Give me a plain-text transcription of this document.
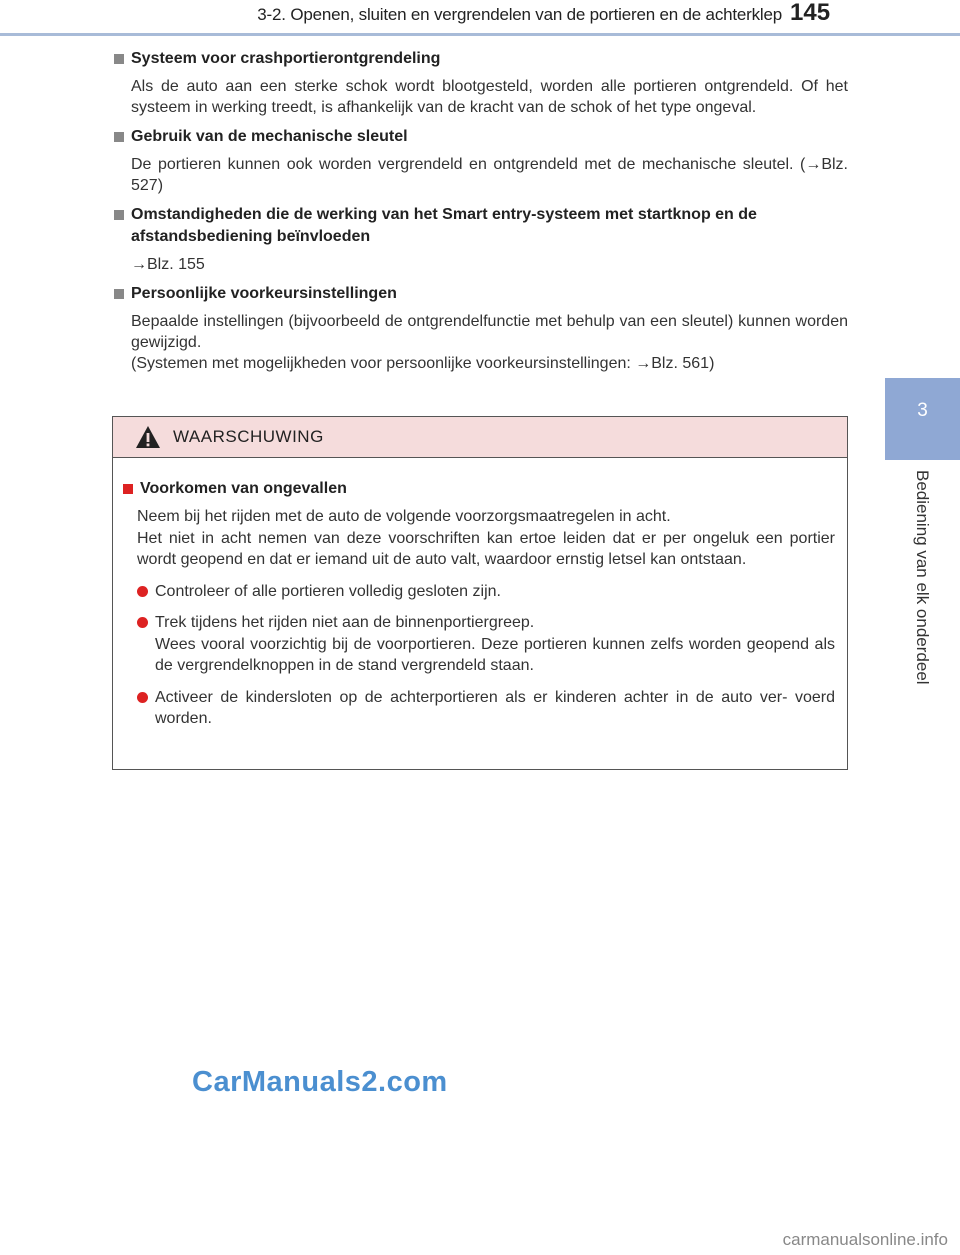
3-2. Openen, sluiten en vergrendelen van de portieren en de achterklep 145
3
Bediening van elk onderdeel
Systeem voor crashportierontgrendeling

Als de auto aan een sterke schok wordt blootgesteld, worden alle portieren ontgrendeld. Of het systeem in werking treedt, is afhankelijk van de kracht van de schok of het type ongeval.

Gebruik van de mechanische sleutel

De portieren kunnen ook worden vergrendeld en ontgrendeld met de mechanische sleutel. (→Blz. 527)

Omstandigheden die de werking van het Smart entry-systeem met startknop en de afstandsbediening beïnvloeden

→Blz. 155

Persoonlijke voorkeursinstellingen

Bepaalde instellingen (bijvoorbeeld de ontgrendelfunctie met behulp van een sleutel) kunnen worden gewijzigd.

(Systemen met mogelijkheden voor persoonlijke voorkeursinstellingen: →Blz. 561)

WAARSCHUWING
Voorkomen van ongevallen

Neem bij het rijden met de auto de volgende voorzorgsmaatregelen in acht.

Het niet in acht nemen van deze voorschriften kan ertoe leiden dat er per ongeluk een portier wordt geopend en dat er iemand uit de auto valt, waardoor ernstig letsel kan ontstaan.

Controleer of alle portieren volledig gesloten zijn.

Trek tijdens het rijden niet aan de binnenportiergreep.

Wees vooral voorzichtig bij de voorportieren. Deze portieren kunnen zelfs worden geopend als de vergrendelknoppen in de stand vergrendeld staan.

Activeer de kindersloten op de achterportieren als er kinderen achter in de auto ver- voerd worden.

CarManuals2.com
carmanualsonline.info
